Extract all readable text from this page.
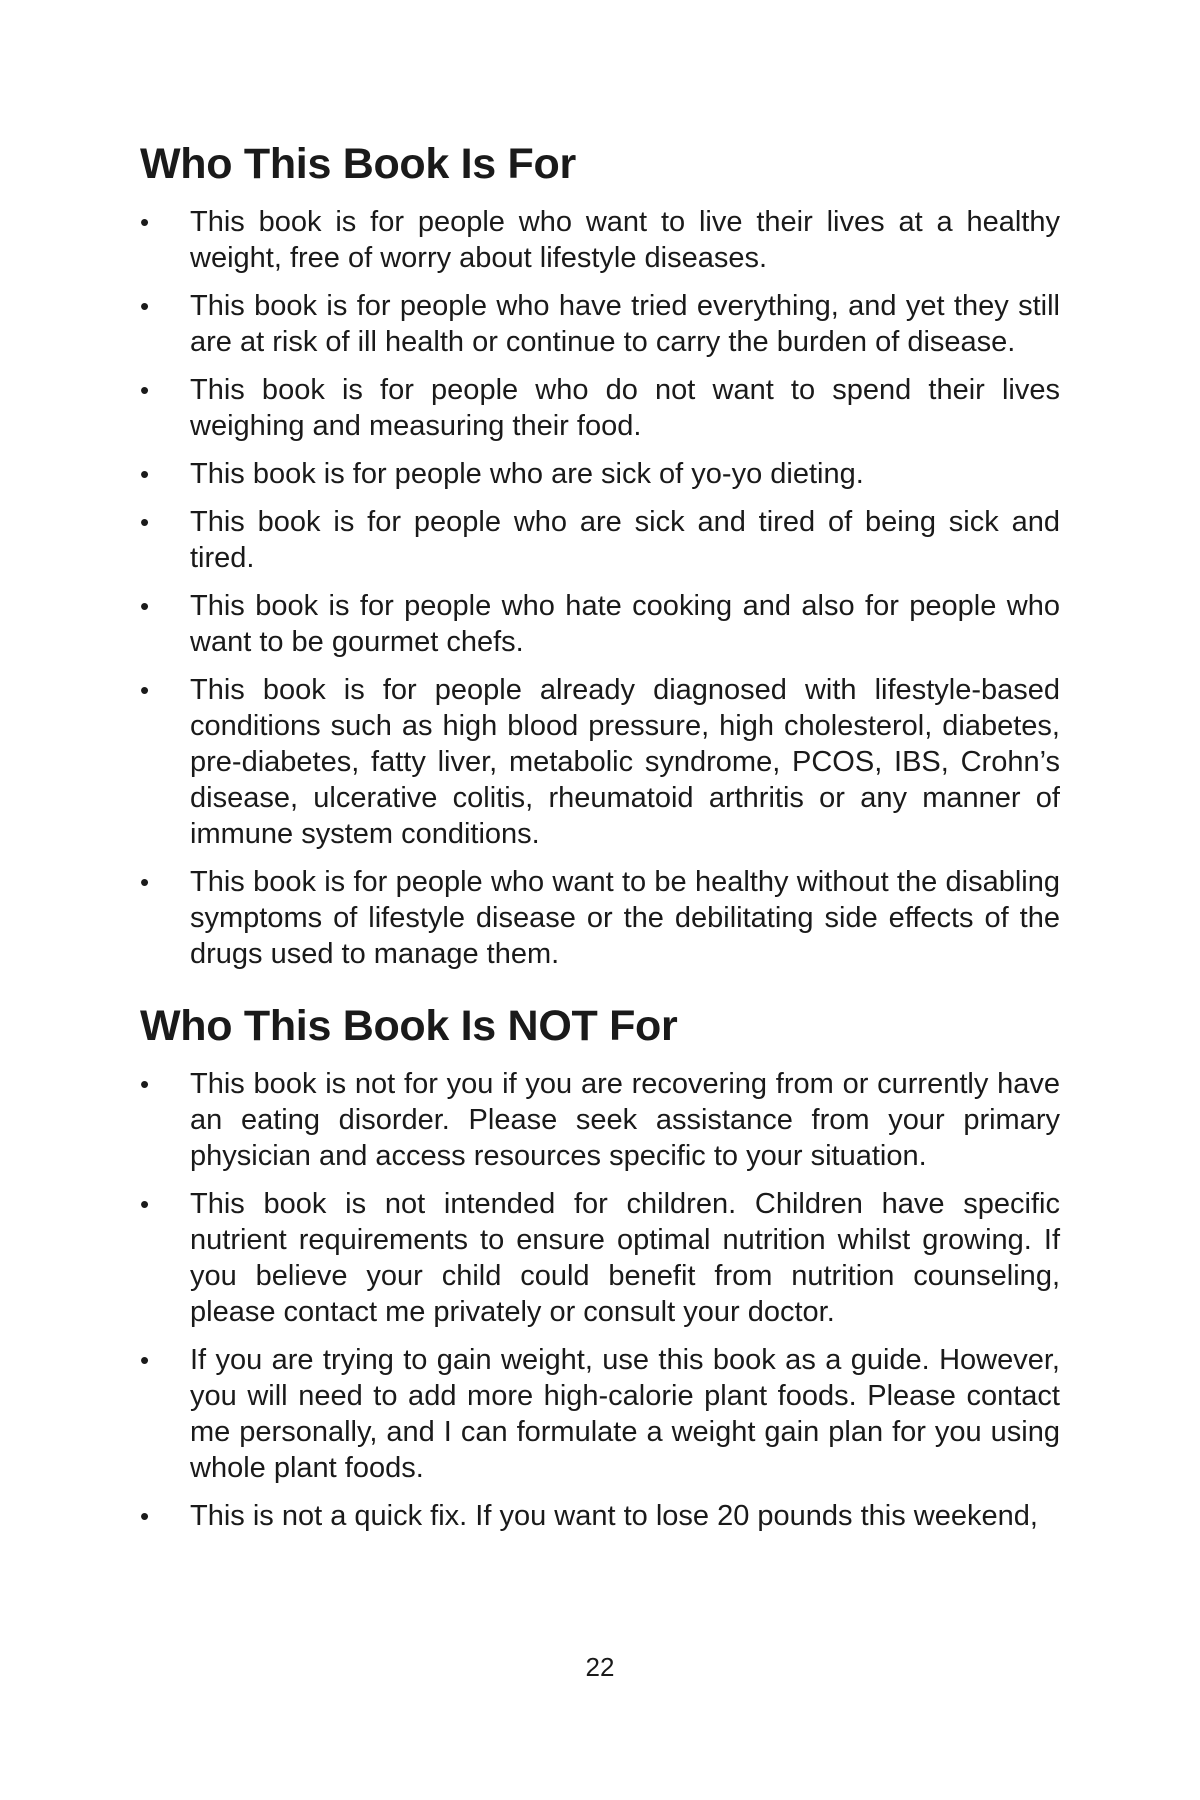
Who This Book Is For
•	This book is for people who want to live their lives at a healthy weight, free of worry about lifestyle diseases.
•	This book is for people who have tried everything, and yet they still are at risk of ill health or continue to carry the burden of disease.
•	This book is for people who do not want to spend their lives weighing and measuring their food.
•	This book is for people who are sick of yo-yo dieting.
•	This book is for people who are sick and tired of being sick and tired.
•	This book is for people who hate cooking and also for people who want to be gourmet chefs.
•	This book is for people already diagnosed with lifestyle-based conditions such as high blood pressure, high cholesterol, diabetes, pre-diabetes, fatty liver, metabolic syndrome, PCOS, IBS, Crohn’s disease, ulcerative colitis, rheumatoid arthritis or any manner of immune system conditions.
•	This book is for people who want to be healthy without the disabling symptoms of lifestyle disease or the debilitating side effects of the drugs used to manage them.
Who This Book Is NOT For
•	This book is not for you if you are recovering from or currently have an eating disorder. Please seek assistance from your primary physician and access resources specific to your situation.
•	This book is not intended for children. Children have specific nutrient requirements to ensure optimal nutrition whilst growing. If you believe your child could benefit from nutrition counseling, please contact me privately or consult your doctor.
•	If you are trying to gain weight, use this book as a guide. However, you will need to add more high-calorie plant foods. Please contact me personally, and I can formulate a weight gain plan for you using whole plant foods.
•	This is not a quick fix. If you want to lose 20 pounds this weekend,
22
